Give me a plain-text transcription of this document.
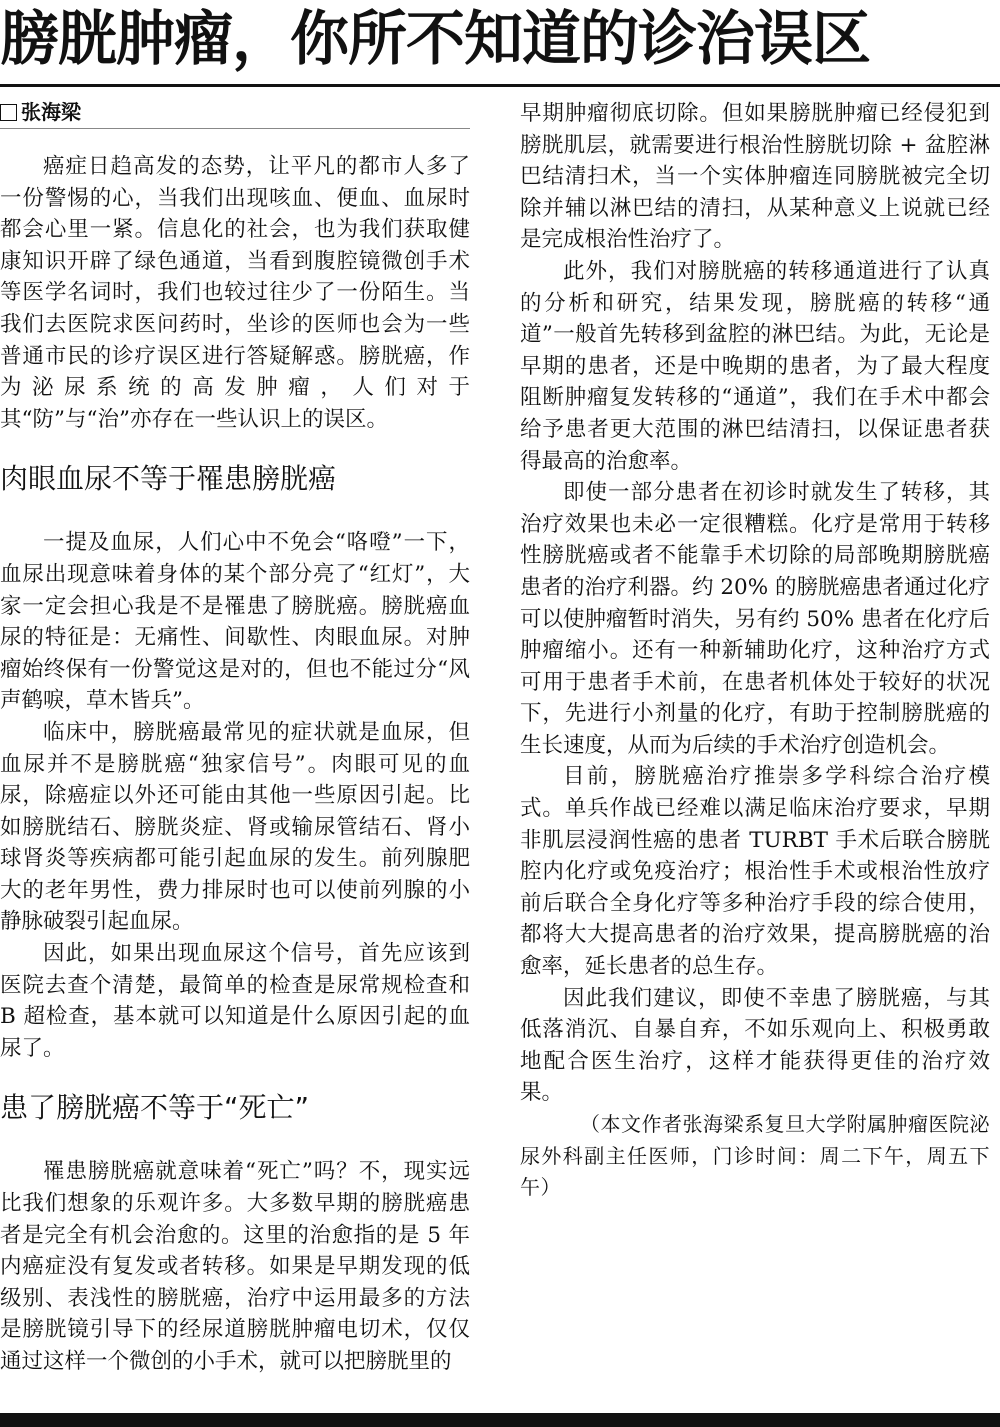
膀胱肿瘤，你所不知道的诊治误区
张海梁

癌症日趋高发的态势，让平凡的都市人多了一份警惕的心，当我们出现咳血、便血、血尿时都会心里一紧。信息化的社会，也为我们获取健康知识开辟了绿色通道，当看到腹腔镜微创手术等医学名词时，我们也较过往少了一份陌生。当我们去医院求医问药时，坐诊的医师也会为一些普通市民的诊疗误区进行答疑解惑。膀胱癌，作为泌尿系统的高发肿瘤，人们对于其“防”与“治”亦存在一些认识上的误区。

肉眼血尿不等于罹患膀胱癌

一提及血尿，人们心中不免会“咯噔”一下，血尿出现意味着身体的某个部分亮了“红灯”，大家一定会担心我是不是罹患了膀胱癌。膀胱癌血尿的特征是：无痛性、间歇性、肉眼血尿。对肿瘤始终保有一份警觉这是对的，但也不能过分“风声鹤唳，草木皆兵”。

临床中，膀胱癌最常见的症状就是血尿，但血尿并不是膀胱癌“独家信号”。肉眼可见的血尿，除癌症以外还可能由其他一些原因引起。比如膀胱结石、膀胱炎症、肾或输尿管结石、肾小球肾炎等疾病都可能引起血尿的发生。前列腺肥大的老年男性，费力排尿时也可以使前列腺的小静脉破裂引起血尿。

因此，如果出现血尿这个信号，首先应该到医院去查个清楚，最简单的检查是尿常规检查和 B 超检查，基本就可以知道是什么原因引起的血尿了。

患了膀胱癌不等于“死亡”

罹患膀胱癌就意味着“死亡”吗？不，现实远比我们想象的乐观许多。大多数早期的膀胱癌患者是完全有机会治愈的。这里的治愈指的是 5 年内癌症没有复发或者转移。如果是早期发现的低级别、表浅性的膀胱癌，治疗中运用最多的方法是膀胱镜引导下的经尿道膀胱肿瘤电切术，仅仅通过这样一个微创的小手术，就可以把膀胱里的

早期肿瘤彻底切除。但如果膀胱肿瘤已经侵犯到膀胱肌层，就需要进行根治性膀胱切除 + 盆腔淋巴结清扫术，当一个实体肿瘤连同膀胱被完全切除并辅以淋巴结的清扫，从某种意义上说就已经是完成根治性治疗了。

此外，我们对膀胱癌的转移通道进行了认真的分析和研究，结果发现，膀胱癌的转移“通道”一般首先转移到盆腔的淋巴结。为此，无论是早期的患者，还是中晚期的患者，为了最大程度阻断肿瘤复发转移的“通道”，我们在手术中都会给予患者更大范围的淋巴结清扫，以保证患者获得最高的治愈率。

即使一部分患者在初诊时就发生了转移，其治疗效果也未必一定很糟糕。化疗是常用于转移性膀胱癌或者不能靠手术切除的局部晚期膀胱癌患者的治疗利器。约 20% 的膀胱癌患者通过化疗可以使肿瘤暂时消失，另有约 50% 患者在化疗后肿瘤缩小。还有一种新辅助化疗，这种治疗方式可用于患者手术前，在患者机体处于较好的状况下，先进行小剂量的化疗，有助于控制膀胱癌的生长速度，从而为后续的手术治疗创造机会。

目前，膀胱癌治疗推崇多学科综合治疗模式。单兵作战已经难以满足临床治疗要求，早期非肌层浸润性癌的患者 TURBT 手术后联合膀胱腔内化疗或免疫治疗；根治性手术或根治性放疗前后联合全身化疗等多种治疗手段的综合使用，都将大大提高患者的治疗效果，提高膀胱癌的治愈率，延长患者的总生存。

因此我们建议，即使不幸患了膀胱癌，与其低落消沉、自暴自弃，不如乐观向上、积极勇敢地配合医生治疗，这样才能获得更佳的治疗效果。

（本文作者张海梁系复旦大学附属肿瘤医院泌尿外科副主任医师，门诊时间：周二下午，周五下午）
